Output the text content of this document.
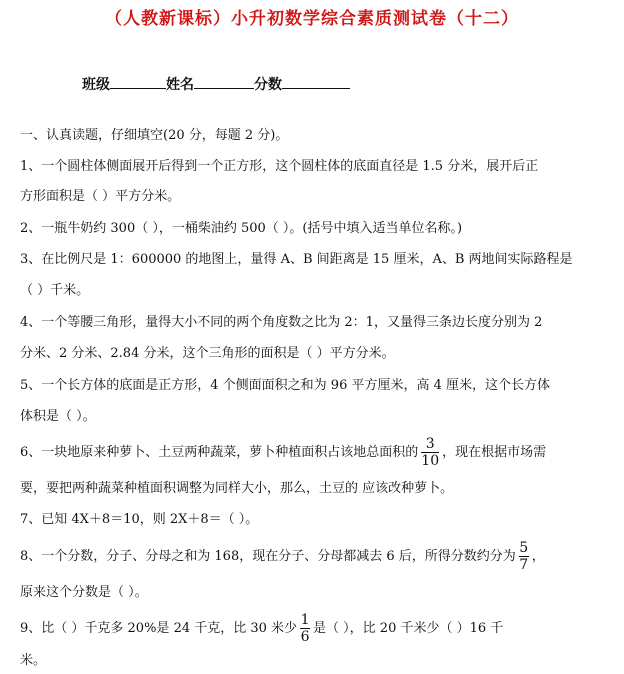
（人教新课标）小升初数学综合素质测试卷（十二）
班级	姓名	分数
一、认真读题，仔细填空(20 分，每题 2 分)。
1、一个圆柱体侧面展开后得到一个正方形，这个圆柱体的底面直径是 1.5 分米，展开后正
方形面积是（ ）平方分米。
2、一瓶牛奶约 300（ ），一桶柴油约 500（ ）。(括号中填入适当单位名称。)
3、在比例尺是 1：600000 的地图上，量得 A、B 间距离是 15 厘米，A、B 两地间实际路程是
（ ）千米。
4、一个等腰三角形，量得大小不同的两个角度数之比为 2：1，又量得三条边长度分别为 2
分米、2 分米、2.84 分米，这个三角形的面积是（ ）平方分米。
5、一个长方体的底面是正方形，4 个侧面面积之和为 96 平方厘米，高 4 厘米，这个长方体
体积是（ ）。
6、一块地原来种萝卜、土豆两种蔬菜，萝卜种植面积占该地总面积的 $\frac{3}{10}$ ，现在根据市场需
要，要把两种蔬菜种植面积调整为同样大小，那么，土豆的 应该改种萝卜。
7、已知 4X＋8＝10，则 2X＋8＝（ ）。
8、一个分数，分子、分母之和为 168，现在分子、分母都减去 6 后，所得分数约分为 $\frac{5}{7}$ ，
原来这个分数是（ ）。
9、比（ ）千克多 20%是 24 千克，比 30 米少 $\frac{1}{6}$ 是（ ），比 20 千米少（ ）16 千
米。
